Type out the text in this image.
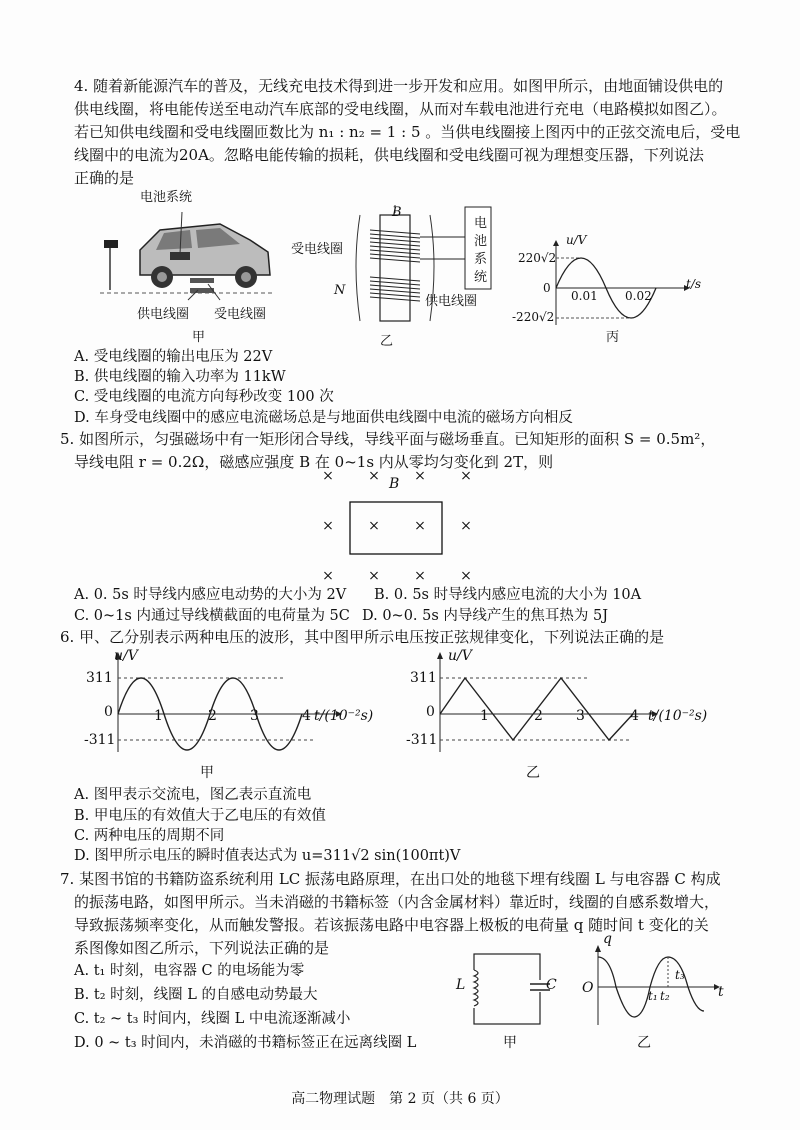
4. 随着新能源汽车的普及，无线充电技术得到进一步开发和应用。如图甲所示，由地面铺设供电的
供电线圈，将电能传送至电动汽车底部的受电线圈，从而对车载电池进行充电（电路模拟如图乙）。
若已知供电线圈和受电线圈匝数比为 n₁ : n₂ = 1 : 5 。当供电线圈接上图丙中的正弦交流电后，受电
线圈中的电流为20A。忽略电能传输的损耗，供电线圈和受电线圈可视为理想变压器，下列说法
正确的是
电池系统
供电线圈 受电线圈
甲
B
受电线圈
N
供电线圈
电
池
系
统
乙
u/V
220√2
0
0.01 0.02
t/s
-220√2
丙
A. 受电线圈的输出电压为 22V
B. 供电线圈的输入功率为 11kW
C. 受电线圈的电流方向每秒改变 100 次
D. 车身受电线圈中的感应电流磁场总是与地面供电线圈中电流的磁场方向相反
5. 如图所示，匀强磁场中有一矩形闭合导线，导线平面与磁场垂直。已知矩形的面积 S = 0.5m²，
导线电阻 r = 0.2Ω，磁感应强度 B 在 0~1s 内从零均匀变化到 2T，则
× × × ×
× × × ×
× × × ×
B
A. 0. 5s 时导线内感应电动势的大小为 2V B. 0. 5s 时导线内感应电流的大小为 10A
C. 0~1s 内通过导线横截面的电荷量为 5C D. 0~0. 5s 内导线产生的焦耳热为 5J
6. 甲、乙分别表示两种电压的波形，其中图甲所示电压按正弦规律变化，下列说法正确的是
u/V
311
0	1	2 3	4 t/(10⁻²s)
-311
甲
u/V
311
0	1	2 3	4 t/(10⁻²s)
-311
乙
A. 图甲表示交流电，图乙表示直流电
B. 甲电压的有效值大于乙电压的有效值
C. 两种电压的周期不同
D. 图甲所示电压的瞬时值表达式为 u=311√2 sin(100πt)V
7. 某图书馆的书籍防盗系统利用 LC 振荡电路原理，在出口处的地毯下埋有线圈 L 与电容器 C 构成
的振荡电路，如图甲所示。当未消磁的书籍标签（内含金属材料）靠近时，线圈的自感系数增大，
导致振荡频率变化，从而触发警报。若该振荡电路中电容器上极板的电荷量 q 随时间 t 变化的关
系图像如图乙所示，下列说法正确的是
A. t₁ 时刻，电容器 C 的电场能为零
B. t₂ 时刻，线圈 L 的自感电动势最大
C. t₂ ~ t₃ 时间内，线圈 L 中电流逐渐减小
D. 0 ~ t₃ 时间内，未消磁的书籍标签正在远离线圈 L
L	C
甲
q
O
t₃
t₁ t₂	t
乙
高二物理试题　第 2 页（共 6 页）
